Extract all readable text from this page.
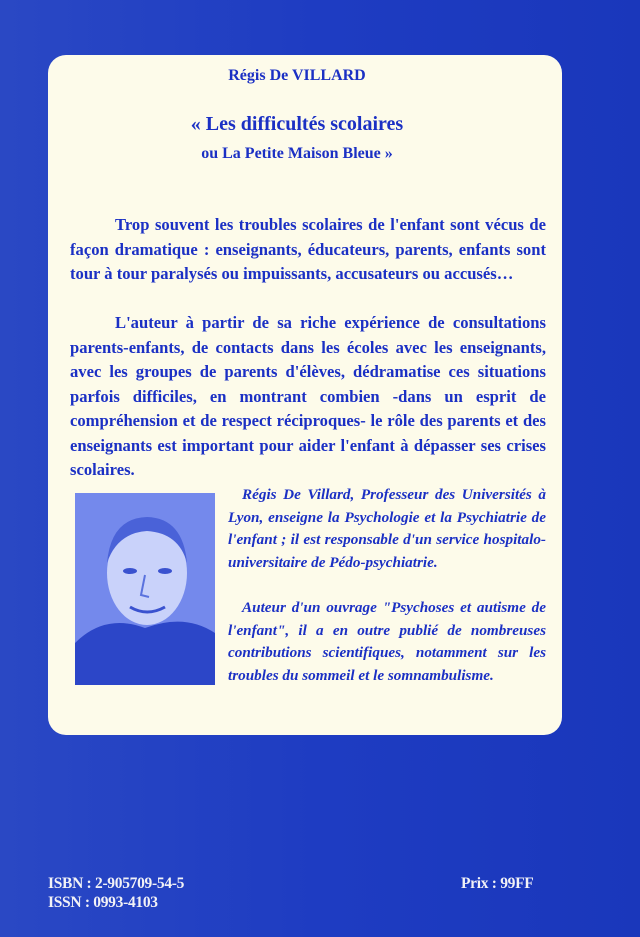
Régis De VILLARD
« Les difficultés scolaires
ou La Petite Maison Bleue »

Trop souvent les troubles scolaires de l'enfant sont vécus de façon dramatique : enseignants, éducateurs, parents, enfants sont tour à tour paralysés ou impuissants, accusateurs ou accusés…

L'auteur à partir de sa riche expérience de consultations parents-enfants, de contacts dans les écoles avec les enseignants, avec les groupes de parents d'élèves, dédramatise ces situations parfois difficiles, en montrant combien -dans un esprit de compréhension et de respect réciproques- le rôle des parents et des enseignants est important pour aider l'enfant à dépasser ses crises scolaires.

Régis De Villard, Professeur des Universités à Lyon, enseigne la Psychologie et la Psychiatrie de l'enfant ; il est responsable d'un service hospitalo-universitaire de Pédo-psychiatrie.

Auteur d'un ouvrage "Psychoses et autisme de l'enfant", il a en outre publié de nombreuses contributions scientifiques, notamment sur les troubles du sommeil et le somnambulisme.

ISBN : 2-905709-54-5
ISSN : 0993-4103
Prix : 99FF
